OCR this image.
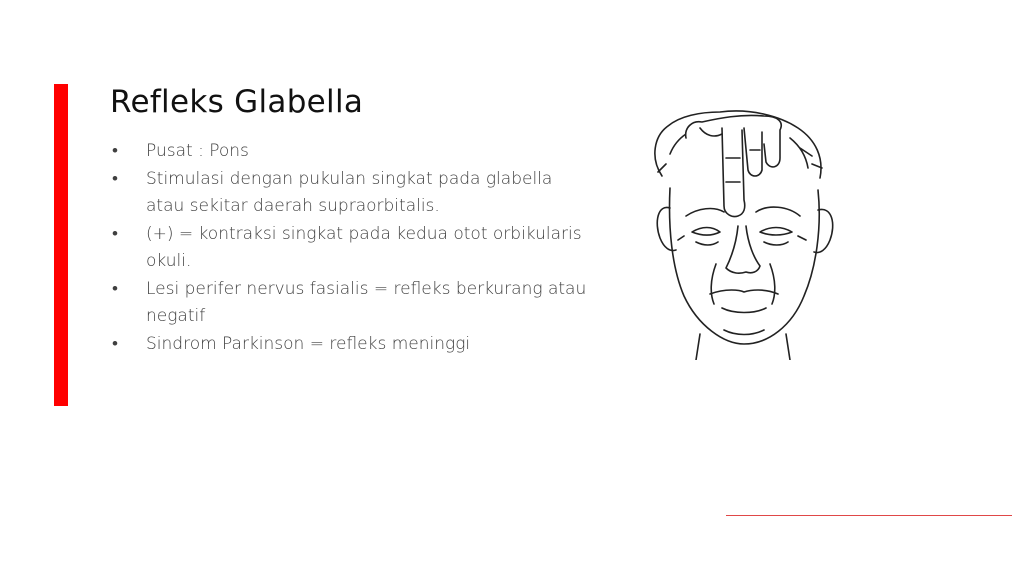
Refleks Glabella
• Pusat : Pons
• Stimulasi dengan pukulan singkat pada glabella atau sekitar daerah supraorbitalis.
• (+) = kontraksi singkat pada kedua otot orbikularis okuli.
• Lesi perifer nervus fasialis = refleks berkurang atau negatif
• Sindrom Parkinson = refleks meninggi
